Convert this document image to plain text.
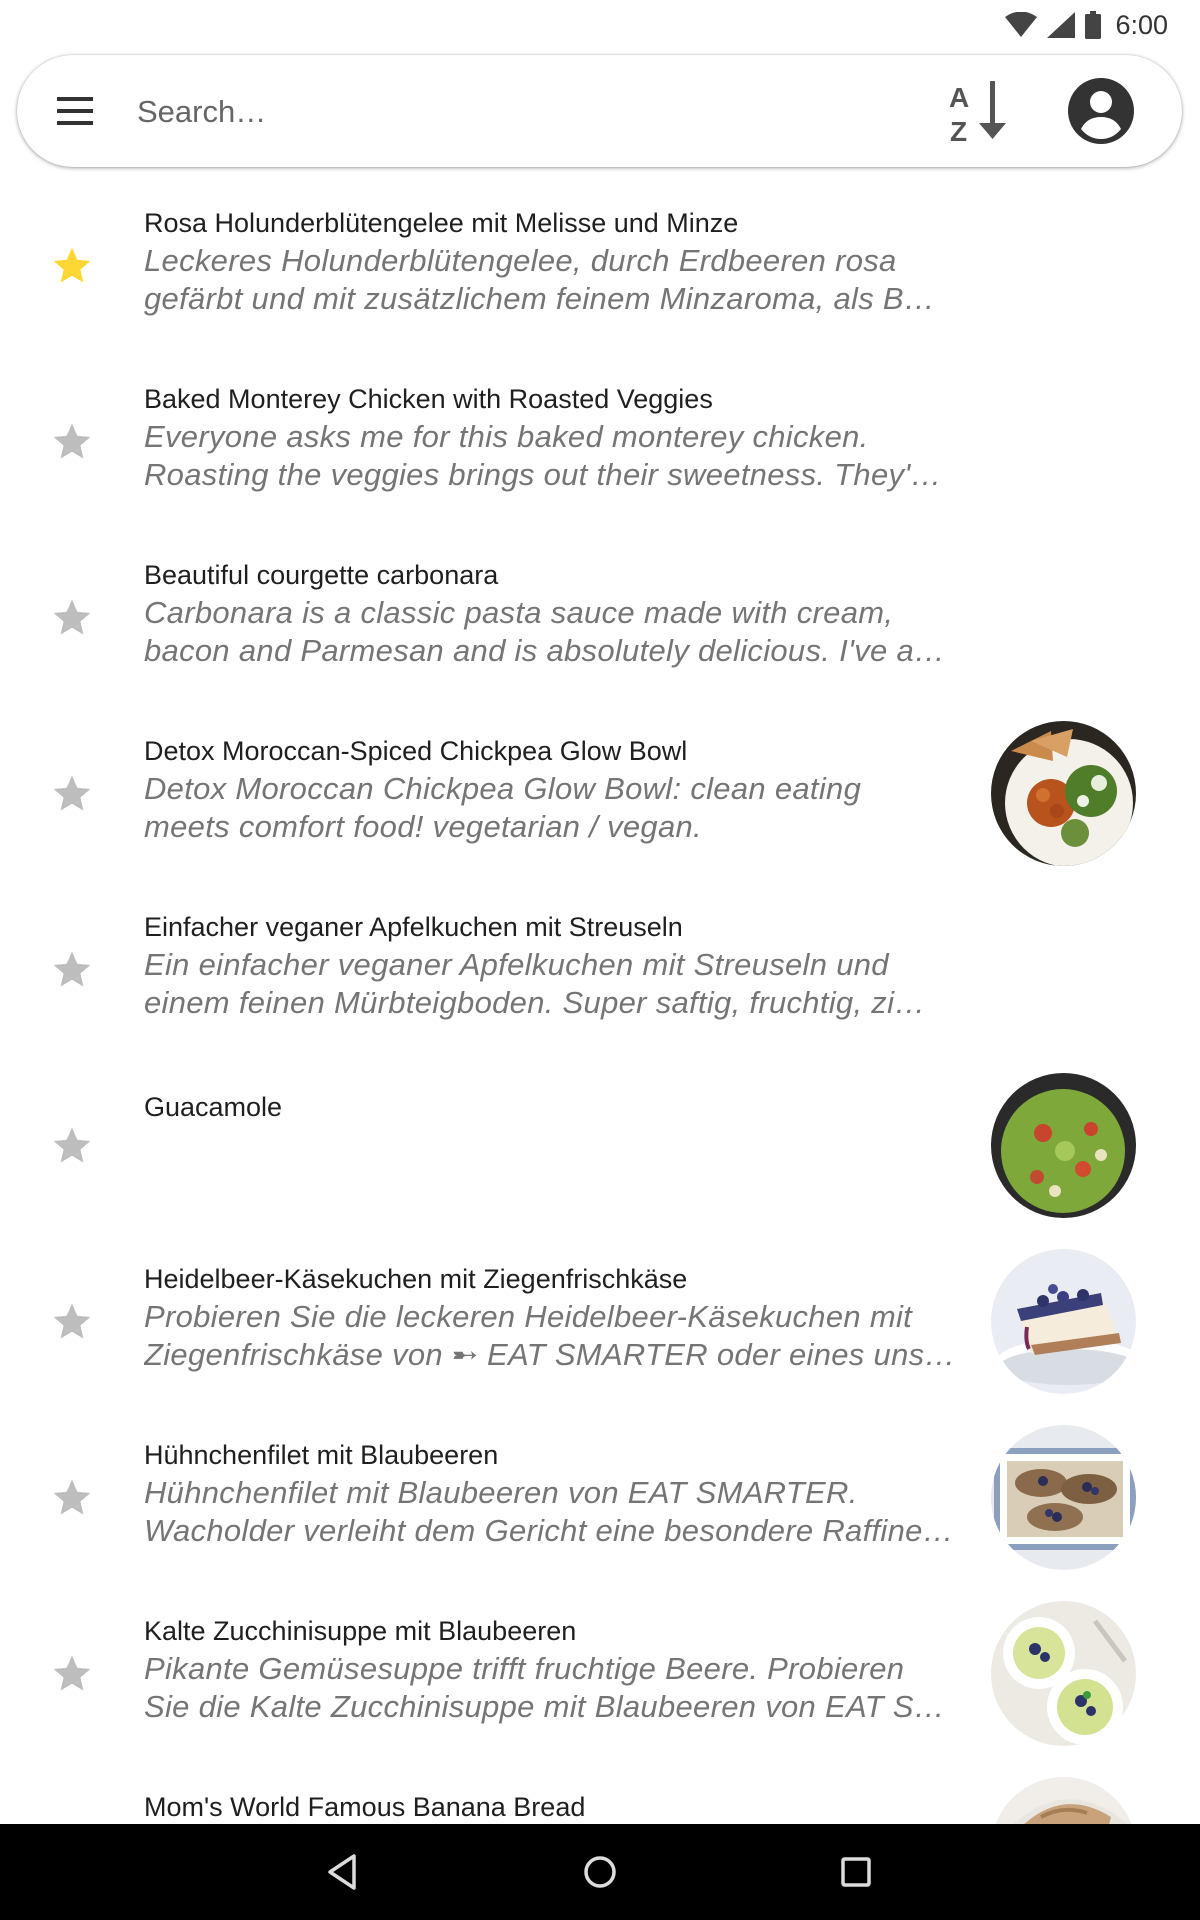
6:00
Search…
A
Z
Rosa Holunderblütengelee mit Melisse und Minze
Leckeres Holunderblütengelee, durch Erdbeeren rosa
gefärbt und mit zusätzlichem feinem Minzaroma, als B…
Baked Monterey Chicken with Roasted Veggies
Everyone asks me for this baked monterey chicken.
Roasting the veggies brings out their sweetness. They'…
Beautiful courgette carbonara
Carbonara is a classic pasta sauce made with cream,
bacon and Parmesan and is absolutely delicious. I've a…
Detox Moroccan-Spiced Chickpea Glow Bowl
Detox Moroccan Chickpea Glow Bowl: clean eating
meets comfort food! vegetarian / vegan.
Einfacher veganer Apfelkuchen mit Streuseln
Ein einfacher veganer Apfelkuchen mit Streuseln und
einem feinen Mürbteigboden. Super saftig, fruchtig, zi…
Guacamole
Heidelbeer-Käsekuchen mit Ziegenfrischkäse
Probieren Sie die leckeren Heidelbeer-Käsekuchen mit
Ziegenfrischkäse von ➸ EAT SMARTER oder eines uns…
Hühnchenfilet mit Blaubeeren
Hühnchenfilet mit Blaubeeren von EAT SMARTER.
Wacholder verleiht dem Gericht eine besondere Raffine…
Kalte Zucchinisuppe mit Blaubeeren
Pikante Gemüsesuppe trifft fruchtige Beere. Probieren
Sie die Kalte Zucchinisuppe mit Blaubeeren von EAT S…
Mom's World Famous Banana Bread
